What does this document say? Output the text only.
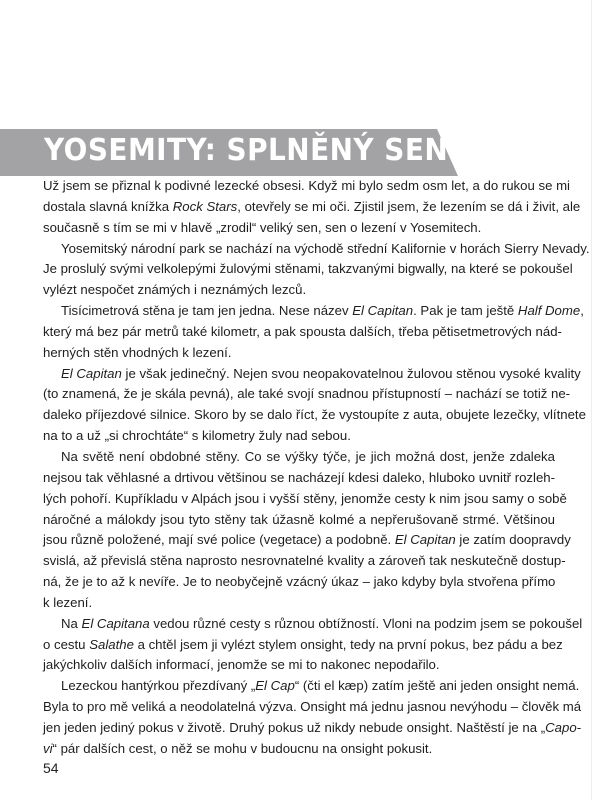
YOSEMITY: SPLNĚNÝ SEN
Už jsem se přiznal k podivné lezecké obsesi. Když mi bylo sedm osm let, a do rukou se mi
dostala slavná knížka Rock Stars, otevřely se mi oči. Zjistil jsem, že lezením se dá i živit, ale
současně s tím se mi v hlavě „zrodil“ veliký sen, sen o lezení v Yosemitech.
Yosemitský národní park se nachází na východě střední Kalifornie v horách Sierry Nevady.
Je proslulý svými velkolepými žulovými stěnami, takzvanými bigwally, na které se pokoušel
vylézt nespočet známých i neznámých lezců.
Tisícimetrová stěna je tam jen jedna. Nese název El Capitan. Pak je tam ještě Half Dome,
který má bez pár metrů také kilometr, a pak spousta dalších, třeba pětisetmetrových nád-
herných stěn vhodných k lezení.
El Capitan je však jedinečný. Nejen svou neopakovatelnou žulovou stěnou vysoké kvality
(to znamená, že je skála pevná), ale také svojí snadnou přístupností – nachází se totiž ne-
daleko příjezdové silnice. Skoro by se dalo říct, že vystoupíte z auta, obujete lezečky, vlítnete
na to a už „si chrochtáte“ s kilometry žuly nad sebou.
Na světě není obdobné stěny. Co se výšky týče, je jich možná dost, jenže zdaleka
nejsou tak věhlasné a drtivou většinou se nacházejí kdesi daleko, hluboko uvnitř rozleh-
lých pohoří. Kupříkladu v Alpách jsou i vyšší stěny, jenomže cesty k nim jsou samy o sobě
náročné a málokdy jsou tyto stěny tak úžasně kolmé a nepřerušovaně strmé. Většinou
jsou různě položené, mají své police (vegetace) a podobně. El Capitan je zatím doopravdy
svislá, až převislá stěna naprosto nesrovnatelné kvality a zároveň tak neskutečně dostup-
ná, že je to až k nevíře. Je to neobyčejně vzácný úkaz – jako kdyby byla stvořena přímo
k lezení.
Na El Capitana vedou různé cesty s různou obtížností. Vloni na podzim jsem se pokoušel
o cestu Salathe a chtěl jsem ji vylézt stylem onsight, tedy na první pokus, bez pádu a bez
jakýchkoliv dalších informací, jenomže se mi to nakonec nepodařilo.
Lezeckou hantýrkou přezdívaný „El Cap“ (čti el kæp) zatím ještě ani jeden onsight nemá.
Byla to pro mě veliká a neodolatelná výzva. Onsight má jednu jasnou nevýhodu – člověk má
jen jeden jediný pokus v životě. Druhý pokus už nikdy nebude onsight. Naštěstí je na „Capo-
vi“ pár dalších cest, o něž se mohu v budoucnu na onsight pokusit.
54
